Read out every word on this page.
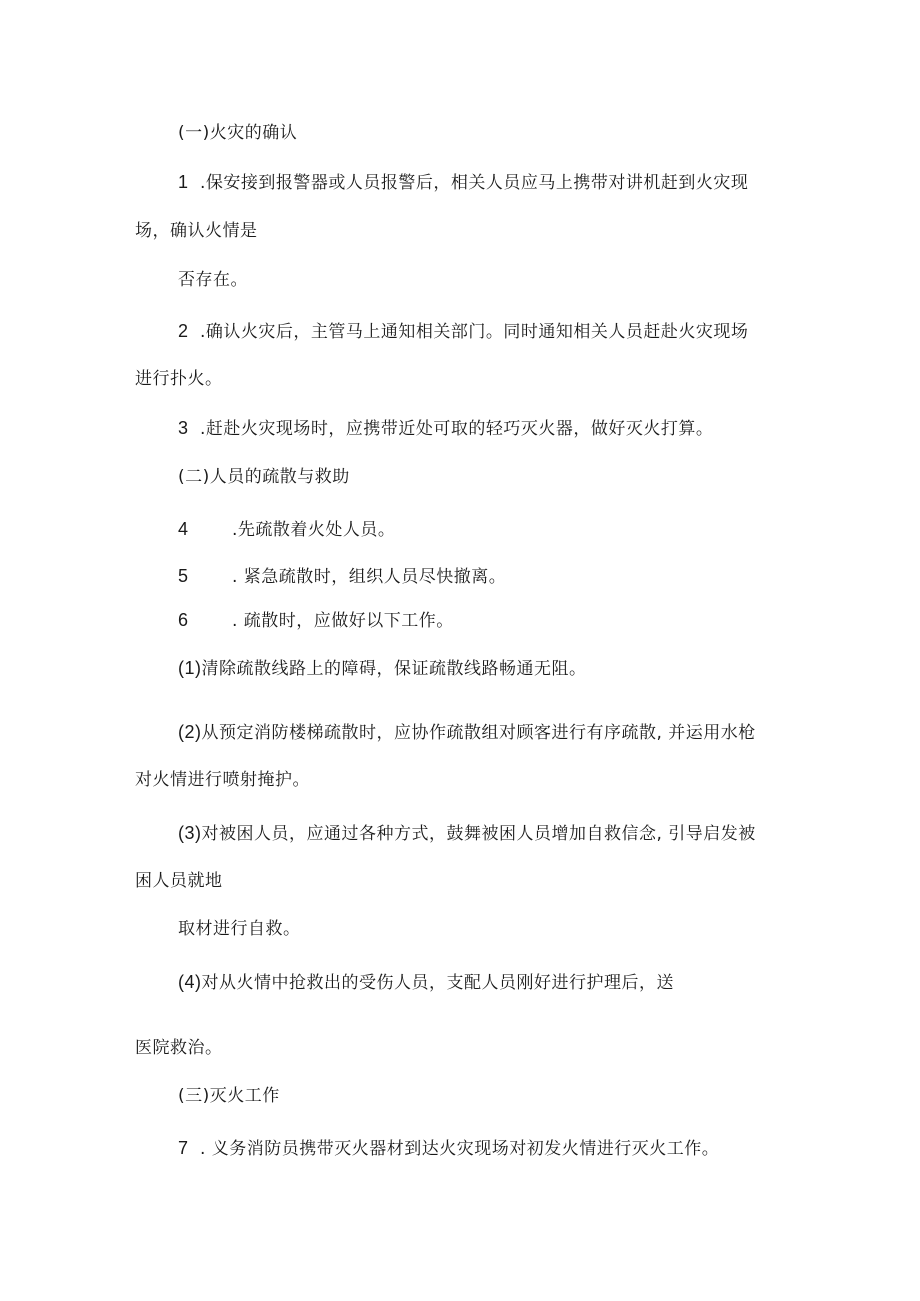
(一)火灾的确认
1 .保安接到报警器或人员报警后，相关人员应马上携带对讲机赶到火灾现
场，确认火情是
否存在。
2 .确认火灾后，主管马上通知相关部门。同时通知相关人员赶赴火灾现场
进行扑火。
3 .赶赴火灾现场时，应携带近处可取的轻巧灭火器，做好灭火打算。
(二)人员的疏散与救助
4	.先疏散着火处人员。
5	. 紧急疏散时，组织人员尽快撤离。
6	. 疏散时，应做好以下工作。
(1)清除疏散线路上的障碍，保证疏散线路畅通无阻。
(2)从预定消防楼梯疏散时，应协作疏散组对顾客进行有序疏散, 并运用水枪
对火情进行喷射掩护。
(3)对被困人员，应通过各种方式，鼓舞被困人员增加自救信念, 引导启发被
困人员就地
取材进行自救。
(4)对从火情中抢救出的受伤人员，支配人员刚好进行护理后，送
医院救治。
(三)灭火工作
7 . 义务消防员携带灭火器材到达火灾现场对初发火情进行灭火工作。
